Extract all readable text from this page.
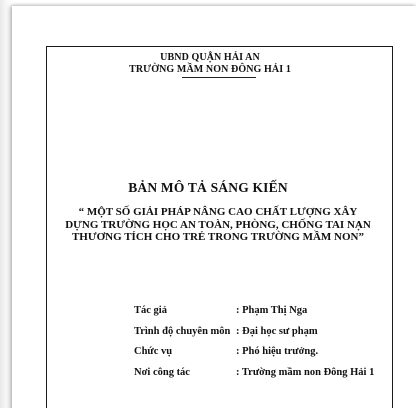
UBND QUẬN HẢI AN
TRƯỜNG MẦM NON ĐÔNG HẢI 1
BẢN MÔ TẢ SÁNG KIẾN
“ MỘT SỐ GIẢI PHÁP NÂNG CAO CHẤT LƯỢNG XÂY DỰNG TRƯỜNG HỌC AN TOÀN, PHÒNG, CHỐNG TAI NẠN THƯƠNG TÍCH CHO TRẺ TRONG TRƯỜNG MẦM NON”
Tác giả	: Phạm Thị Nga
Trình độ chuyên môn : Đại học sư phạm
Chức vụ	: Phó hiệu trưởng.
Nơi công tác	: Trường mầm non Đông Hải 1
